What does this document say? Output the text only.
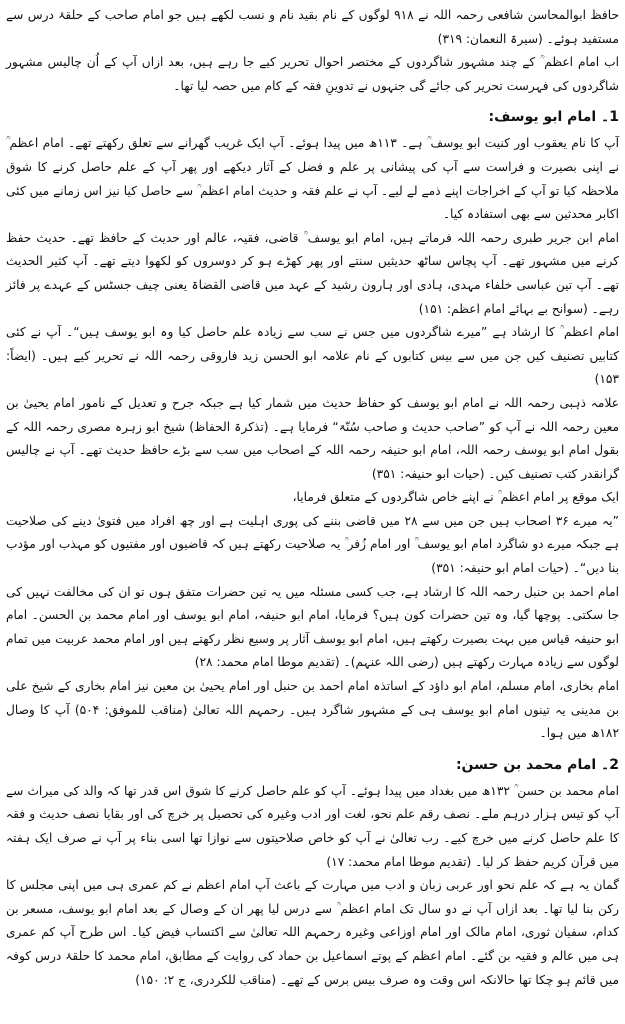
حافظ ابوالمحاسن شافعی رحمہ اللہ نے ۹۱۸ لوگوں کے نام بقید نام و نسب لکھے ہیں جو امام صاحب کے حلقۂ درس سے مستفید ہوئے۔ (سیرۃ النعمان: ۳۱۹)

اب امام اعظم ؒ کے چند مشہور شاگردوں کے مختصر احوال تحریر کیے جا رہے ہیں، بعد ازاں آپ کے اُن چالیس مشہور شاگردوں کی فہرست تحریر کی جائے گی جنہوں نے تدوینِ فقہ کے کام میں حصہ لیا تھا۔

1۔ امام ابو یوسف:

آپ کا نام یعقوب اور کنیت ابو یوسف ؒ ہے۔ ۱۱۳ھ میں پیدا ہوئے۔ آپ ایک غریب گھرانے سے تعلق رکھتے تھے۔ امام اعظم ؒ نے اپنی بصیرت و فراست سے آپ کی پیشانی پر علم و فضل کے آثار دیکھے اور پھر آپ کے علم حاصل کرنے کا شوق ملاحظہ کیا تو آپ کے اخراجات اپنے ذمے لے لیے۔ آپ نے علم فقہ و حدیث امام اعظم ؒ سے حاصل کیا نیز اس زمانے میں کئی اکابر محدثین سے بھی استفادہ کیا۔

امام ابن جریر طبری رحمہ اللہ فرماتے ہیں، امام ابو یوسف ؒ قاضی، فقیہ، عالم اور حدیث کے حافظ تھے۔ حدیث حفظ کرنے میں مشہور تھے۔ آپ پچاس ساٹھ حدیثیں سنتے اور پھر کھڑے ہو کر دوسروں کو لکھوا دیتے تھے۔ آپ کثیر الحدیث تھے۔ آپ تین عباسی خلفاء مہدی، ہادی اور ہارون رشید کے عہد میں قاضی القضاۃ یعنی چیف جسٹس کے عہدے پر فائز رہے۔ (سوانح بے بہائے امام اعظم: ۱۵۱)

امام اعظم ؒ کا ارشاد ہے ”میرے شاگردوں میں جس نے سب سے زیادہ علم حاصل کیا وہ ابو یوسف ہیں“۔ آپ نے کئی کتابیں تصنیف کیں جن میں سے بیس کتابوں کے نام علامہ ابو الحسن زید فاروقی رحمہ اللہ نے تحریر کیے ہیں۔ (ایضاً: ۱۵۳)

علامہ ذہبی رحمہ اللہ نے امام ابو یوسف کو حفاظ حدیث میں شمار کیا ہے جبکہ جرح و تعدیل کے نامور امام یحییٰ بن معین رحمہ اللہ نے آپ کو ”صاحب حدیث و صاحب سُنّۃ“ فرمایا ہے۔ (تذکرۃ الحفاظ) شیخ ابو زہرہ مصری رحمہ اللہ کے بقول امام ابو یوسف رحمہ اللہ، امام ابو حنیفہ رحمہ اللہ کے اصحاب میں سب سے بڑے حافظ حدیث تھے۔ آپ نے چالیس گرانقدر کتب تصنیف کیں۔ (حیات ابو حنیفہ: ۳۵۱)

ایک موقع پر امام اعظم ؒ نے اپنے خاص شاگردوں کے متعلق فرمایا،

”یہ میرے ۳۶ اصحاب ہیں جن میں سے ۲۸ میں قاضی بننے کی پوری اہلیت ہے اور چھ افراد میں فتویٰ دینے کی صلاحیت ہے جبکہ میرے دو شاگرد امام ابو یوسف ؒ اور امام زُفر ؒ یہ صلاحیت رکھتے ہیں کہ قاضیوں اور مفتیوں کو مہذب اور مؤدب بنا دیں“۔ (حیات امام ابو حنیفہ: ۳۵۱)

امام احمد بن حنبل رحمہ اللہ کا ارشاد ہے، جب کسی مسئلہ میں یہ تین حضرات متفق ہوں تو ان کی مخالفت نہیں کی جا سکتی۔ پوچھا گیا، وہ تین حضرات کون ہیں؟ فرمایا، امام ابو حنیفہ، امام ابو یوسف اور امام محمد بن الحسن۔ امام ابو حنیفہ قیاس میں بہت بصیرت رکھتے ہیں، امام ابو یوسف آثار پر وسیع نظر رکھتے ہیں اور امام محمد عربیت میں تمام لوگوں سے زیادہ مہارت رکھتے ہیں (رضی اللہ عنہم)۔ (تقدیم موطا امام محمد: ۲۸)

امام بخاری، امام مسلم، امام ابو داؤد کے اساتذہ امام احمد بن حنبل اور امام یحییٰ بن معین نیز امام بخاری کے شیخ علی بن مدینی یہ تینوں امام ابو یوسف ہی کے مشہور شاگرد ہیں۔ رحمہم اللہ تعالیٰ (مناقب للموفق: ۵۰۴) آپ کا وصال ۱۸۲ھ میں ہوا۔

2۔ امام محمد بن حسن:

امام محمد بن حسن ؒ ۱۳۲ھ میں بغداد میں پیدا ہوئے۔ آپ کو علم حاصل کرنے کا شوق اس قدر تھا کہ والد کی میراث سے آپ کو تیس ہزار درہم ملے۔ نصف رقم علم نحو، لغت اور ادب وغیرہ کی تحصیل پر خرچ کی اور بقایا نصف حدیث و فقہ کا علم حاصل کرنے میں خرچ کیے۔ رب تعالیٰ نے آپ کو خاص صلاحیتوں سے نوازا تھا اسی بناء پر آپ نے صرف ایک ہفتہ میں قرآن کریم حفظ کر لیا۔ (تقدیم موطا امام محمد: ۱۷)

گمان یہ ہے کہ علم نحو اور عربی زبان و ادب میں مہارت کے باعث آپ امام اعظم نے کم عمری ہی میں اپنی مجلس کا رکن بنا لیا تھا۔ بعد ازاں آپ نے دو سال تک امام اعظم ؒ سے درس لیا پھر ان کے وصال کے بعد امام ابو یوسف، مسعر بن کدام، سفیان ثوری، امام مالک اور امام اوزاعی وغیرہ رحمہم اللہ تعالیٰ سے اکتساب فیض کیا۔ اس طرح آپ کم عمری ہی میں عالم و فقیہ بن گئے۔ امام اعظم کے پوتے اسماعیل بن حماد کی روایت کے مطابق، امام محمد کا حلقۂ درس کوفہ میں قائم ہو چکا تھا حالانکہ اس وقت وہ صرف بیس برس کے تھے۔ (مناقب للکردری، ج ۲: ۱۵۰)
